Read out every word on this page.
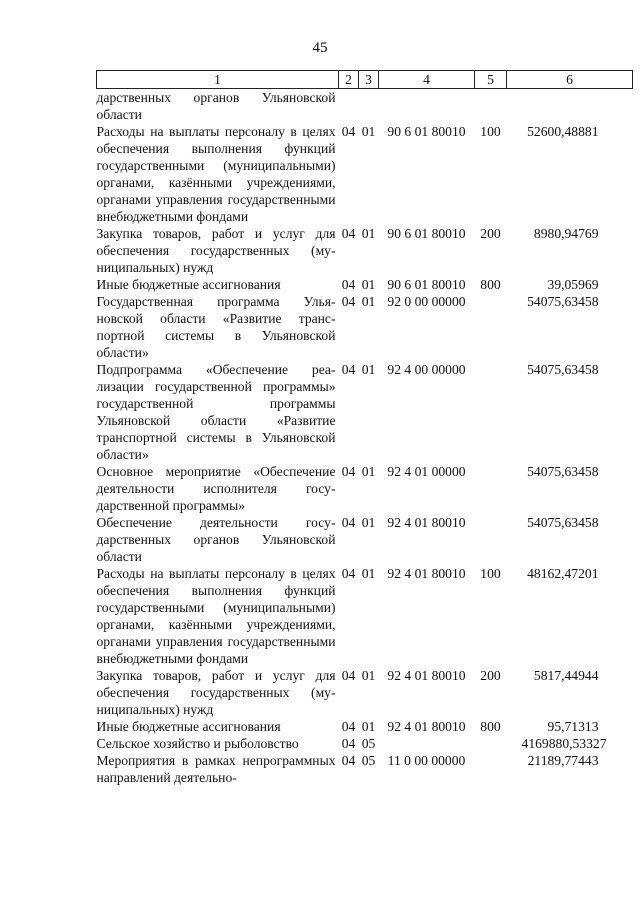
45
1	2	3	4	5	6
дарственных органов Ульяновской области					
Расходы на выплаты персоналу в целях обеспечения выполнения функций государственными (муниципальными) органами, казёнными учреждениями, органами управления государственными внебюджетными фондами	04	01	90 6 01 80010	100	52600,48881
Закупка товаров, работ и услуг для обеспечения государственных (муниципальных) нужд	04	01	90 6 01 80010	200	8980,94769
Иные бюджетные ассигнования	04	01	90 6 01 80010	800	39,05969
Государственная программа Ульяновской области «Развитие транспортной системы в Ульяновской области»	04	01	92 0 00 00000		54075,63458
Подпрограмма «Обеспечение реализации государственной программы» государственной программы Ульяновской области «Развитие транспортной системы в Ульяновской области»	04	01	92 4 00 00000		54075,63458
Основное мероприятие «Обеспечение деятельности исполнителя государственной программы»	04	01	92 4 01 00000		54075,63458
Обеспечение деятельности государственных органов Ульяновской области	04	01	92 4 01 80010		54075,63458
Расходы на выплаты персоналу в целях обеспечения выполнения функций государственными (муниципальными) органами, казёнными учреждениями, органами управления государственными внебюджетными фондами	04	01	92 4 01 80010	100	48162,47201
Закупка товаров, работ и услуг для обеспечения государственных (муниципальных) нужд	04	01	92 4 01 80010	200	5817,44944
Иные бюджетные ассигнования	04	01	92 4 01 80010	800	95,71313
Сельское хозяйство и рыболовство	04	05			4169880,53327
Мероприятия в рамках непрограммных направлений деятельно-	04	05	11 0 00 00000		21189,77443
